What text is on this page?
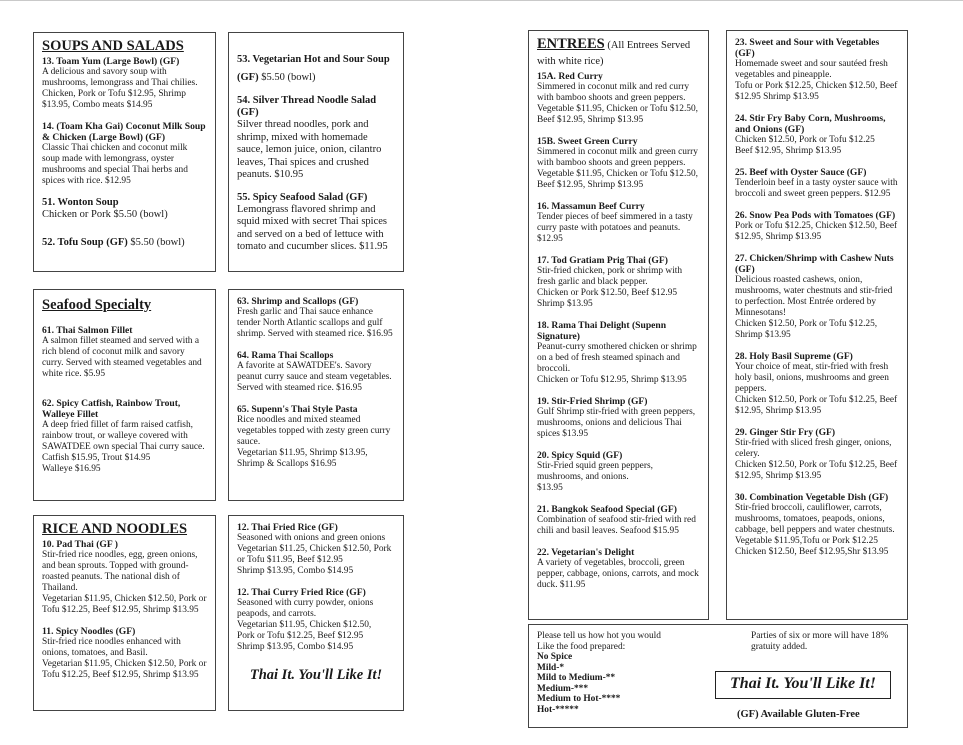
SOUPS AND SALADS
13. Toam Yum (Large Bowl) (GF)
A delicious and savory soup with mushrooms, lemongrass and Thai chilies. Chicken, Pork or Tofu $12.95, Shrimp $13.95, Combo meats $14.95
14. (Toam Kha Gai) Coconut Milk Soup & Chicken (Large Bowl) (GF)
Classic Thai chicken and coconut milk soup made with lemongrass, oyster mushrooms and special Thai herbs and spices with rice. $12.95
51. Wonton Soup
Chicken or Pork $5.50 (bowl)
52. Tofu Soup (GF) $5.50 (bowl)
53. Vegetarian Hot and Sour Soup (GF) $5.50 (bowl)
54. Silver Thread Noodle Salad (GF)
Silver thread noodles, pork and shrimp, mixed with homemade sauce, lemon juice, onion, cilantro leaves, Thai spices and crushed peanuts. $10.95
55. Spicy Seafood Salad (GF)
Lemongrass flavored shrimp and squid mixed with secret Thai spices and served on a bed of lettuce with tomato and cucumber slices. $11.95
Seafood Specialty
61. Thai Salmon Fillet
A salmon fillet steamed and served with a rich blend of coconut milk and savory curry. Served with steamed vegetables and white rice. $5.95
62. Spicy Catfish, Rainbow Trout, Walleye Fillet
A deep fried fillet of farm raised catfish, rainbow trout, or walleye covered with SAWATDEE own special Thai curry sauce.
Catfish $15.95, Trout $14.95
Walleye $16.95
63. Shrimp and Scallops (GF)
Fresh garlic and Thai sauce enhance tender North Atlantic scallops and gulf shrimp. Served with steamed rice. $16.95
64. Rama Thai Scallops
A favorite at SAWATDEE's. Savory peanut curry sauce and steam vegetables. Served with steamed rice. $16.95
65. Supenn's Thai Style Pasta
Rice noodles and mixed steamed vegetables topped with zesty green curry sauce.
Vegetarian $11.95, Shrimp $13.95, Shrimp & Scallops $16.95
RICE AND NOODLES
10. Pad Thai (GF )
Stir-fried rice noodles, egg, green onions, and bean sprouts. Topped with ground-roasted peanuts. The national dish of Thailand.
Vegetarian $11.95, Chicken $12.50, Pork or Tofu $12.25, Beef $12.95, Shrimp $13.95
11. Spicy Noodles (GF)
Stir-fried rice noodles enhanced with onions, tomatoes, and Basil.
Vegetarian $11.95, Chicken $12.50, Pork or Tofu $12.25, Beef $12.95, Shrimp $13.95
12. Thai Fried Rice (GF)
Seasoned with onions and green onions
Vegetarian $11.25, Chicken $12.50, Pork or Tofu $11.95, Beef $12.95
Shrimp $13.95, Combo $14.95
12. Thai Curry Fried Rice (GF)
Seasoned with curry powder, onions peapods, and carrots.
Vegetarian $11.95, Chicken $12.50,
Pork or Tofu $12.25, Beef $12.95
Shrimp $13.95, Combo $14.95
Thai It. You'll Like It!
ENTREES (All Entrees Served with white rice)
15A. Red Curry
Simmered in coconut milk and red curry with bamboo shoots and green peppers.
Vegetable $11.95, Chicken or Tofu $12.50, Beef $12.95, Shrimp $13.95
15B. Sweet Green Curry
Simmered in coconut milk and green curry with bamboo shoots and green peppers.
Vegetable $11.95, Chicken or Tofu $12.50, Beef $12.95, Shrimp $13.95
16. Massamun Beef Curry
Tender pieces of beef simmered in a tasty curry paste with potatoes and peanuts. $12.95
17. Tod Gratiam Prig Thai (GF)
Stir-fried chicken, pork or shrimp with fresh garlic and black pepper.
Chicken or Pork $12.50, Beef $12.95
Shrimp $13.95
18. Rama Thai Delight (Supenn Signature)
Peanut-curry smothered chicken or shrimp on a bed of fresh steamed spinach and broccoli.
Chicken or Tofu $12.95, Shrimp $13.95
19. Stir-Fried Shrimp (GF)
Gulf Shrimp stir-fried with green peppers, mushrooms, onions and delicious Thai spices $13.95
20. Spicy Squid (GF)
Stir-Fried squid green peppers, mushrooms, and onions.
$13.95
21. Bangkok Seafood Special (GF)
Combination of seafood stir-fried with red chili and basil leaves. Seafood $15.95
22. Vegetarian's Delight
A variety of vegetables, broccoli, green pepper, cabbage, onions, carrots, and mock duck. $11.95
23. Sweet and Sour with Vegetables (GF)
Homemade sweet and sour sautéed fresh vegetables and pineapple.
Tofu or Pork $12.25, Chicken $12.50, Beef $12.95 Shrimp $13.95
24. Stir Fry Baby Corn, Mushrooms, and Onions (GF)
Chicken $12.50, Pork or Tofu $12.25
Beef $12.95, Shrimp $13.95
25. Beef with Oyster Sauce (GF)
Tenderloin beef in a tasty oyster sauce with broccoli and sweet green peppers. $12.95
26. Snow Pea Pods with Tomatoes (GF)
Pork or Tofu $12.25, Chicken $12.50, Beef $12.95, Shrimp $13.95
27. Chicken/Shrimp with Cashew Nuts (GF)
Delicious roasted cashews, onion, mushrooms, water chestnuts and stir-fried to perfection. Most Entrée ordered by Minnesotans!
Chicken $12.50, Pork or Tofu $12.25, Shrimp $13.95
28. Holy Basil Supreme (GF)
Your choice of meat, stir-fried with fresh holy basil, onions, mushrooms and green peppers.
Chicken $12.50, Pork or Tofu $12.25, Beef $12.95, Shrimp $13.95
29. Ginger Stir Fry (GF)
Stir-fried with sliced fresh ginger, onions, celery.
Chicken $12.50, Pork or Tofu $12.25, Beef $12.95, Shrimp $13.95
30. Combination Vegetable Dish (GF)
Stir-fried broccoli, cauliflower, carrots, mushrooms, tomatoes, peapods, onions, cabbage, bell peppers and water chestnuts.
Vegetable $11.95,Tofu or Pork $12.25
Chicken $12.50, Beef $12.95,Shr $13.95
Please tell us how hot you would
Like the food prepared:
No Spice
Mild-*
Mild to Medium-**
Medium-***
Medium to Hot-****
Hot-*****
Parties of six or more will have 18% gratuity added.
Thai It. You'll Like It!
(GF) Available Gluten-Free
